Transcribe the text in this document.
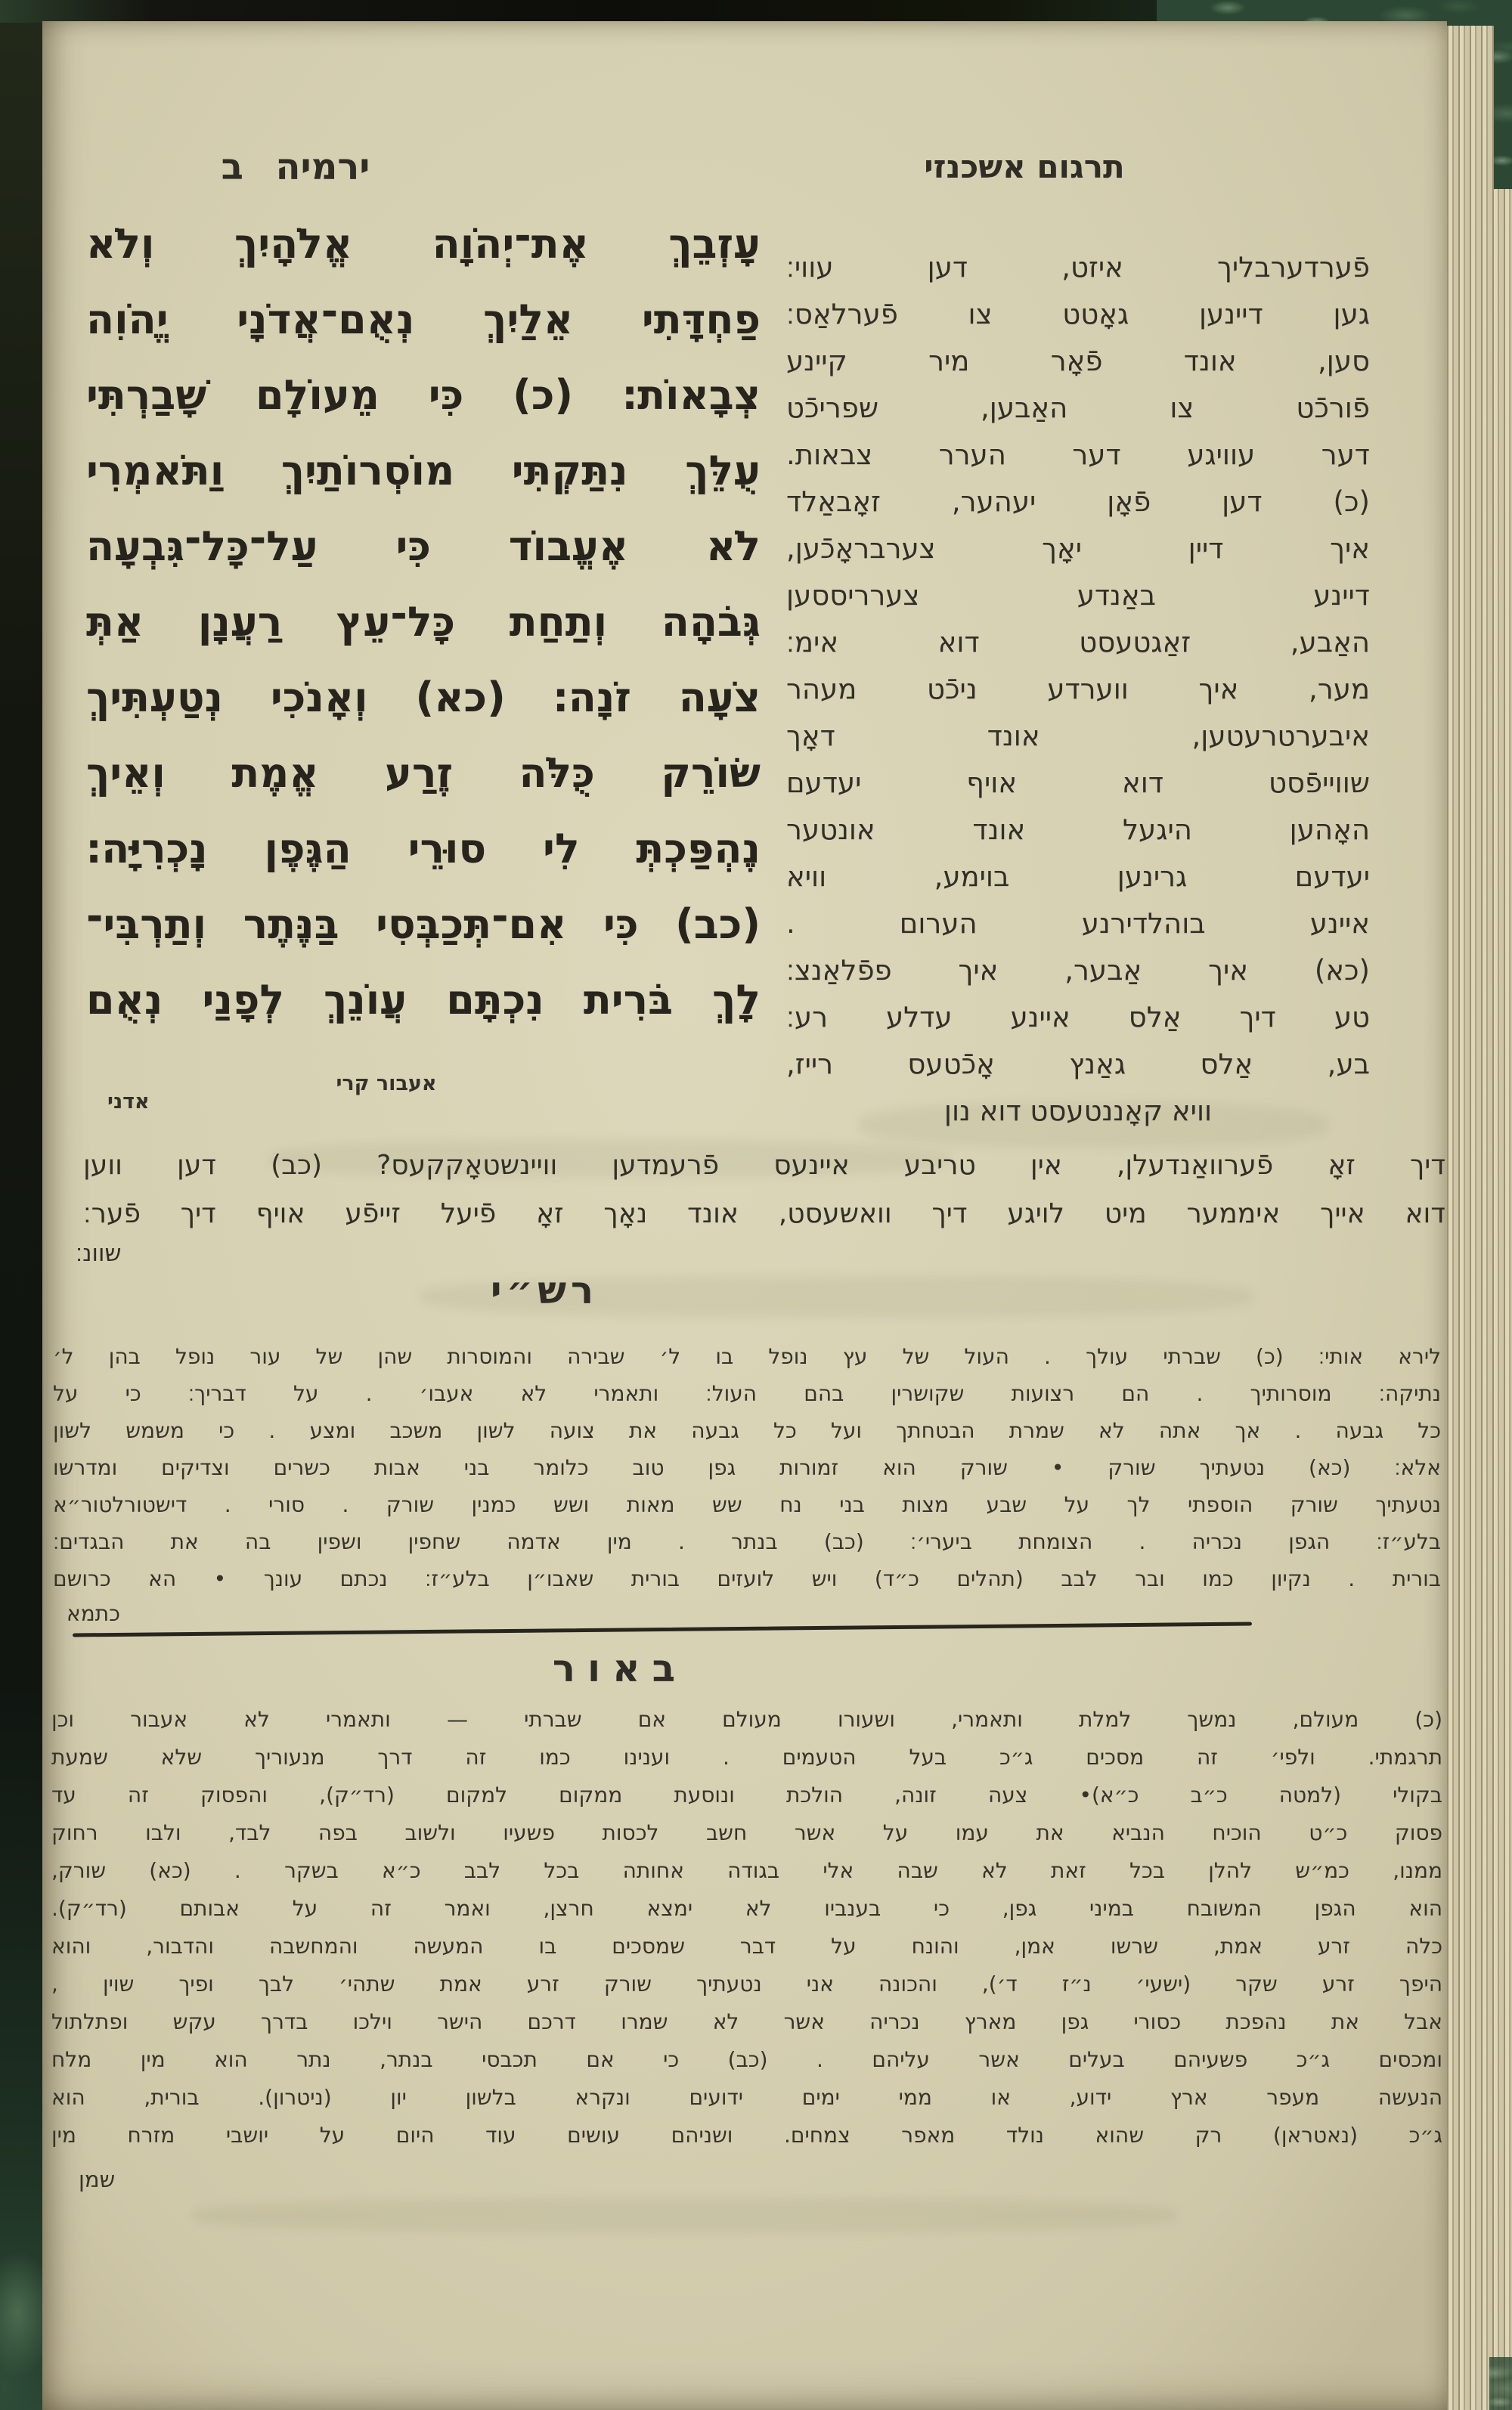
ירמיה ב
עָזְבֵךְ אֶת־יְהֹוָה אֱלֹהָיִךְ וְלֹא
פַחְדָּתִי אֵלַיִךְ נְאֻם־אֲדֹנָי יֱהֹוִה
צְבָאוֹת׃ (כ) כִּי מֵעוֹלָם שָׁבַרְתִּי
עֻלֵּךְ נִתַּקְתִּי מוֹסְרוֹתַיִךְ וַתֹּאמְרִי
לֹא אֶעֱבוֹד כִּי עַל־כָּל־גִּבְעָה
גְּבֹהָה וְתַחַת כָּל־עֵץ רַעֲנָן אַתְּ
צֹעָה זֹנָה׃ (כא) וְאָנֹכִי נְטַעְתִּיךְ
שׂוֹרֵק כֻּלֹּה זֶרַע אֱמֶת וְאֵיךְ
נֶהְפַּכְתְּ לִי סוּרֵי הַגֶּפֶן נָכְרִיָּה׃
(כב) כִּי אִם־תְּכַבְּסִי בַּנֶּתֶר וְתַרְבִּי־
לָךְ בֹּרִית נִכְתָּם עֲוֹנֵךְ לְפָנַי נְאֻם
אעבור קרי
אדני
תרגום אשכנזי
פֿערדערבליך איזט, דען עווי׃
גען דיינען גאָטט צו פֿערלאַס׃
סען, אונד פֿאָר מיר קיינע
פֿורכֿט צו האַבען, שפריכֿט
דער עוויגע דער הערר צבאות.
(כ) דען פֿאָן יעהער, זאָבאַלד
איך דיין יאָך צערבראָכֿען,
דיינע באַנדע צערריססען
האַבע, זאַגטעסט דוא אימ׃
מער, איך ווערדע ניכֿט מעהר
איבערטרעטען, אונד דאָך
שווייפֿסט דוא אויף יעדעם
האָהען היגעל אונד אונטער
יעדעם גרינען בוימע, וויא
איינע בוהלדירנע הערום .
(כא) איך אַבער, איך פפֿלאַנצ׃
טע דיך אַלס איינע עדלע רע׃
בע, אַלס גאַנץ אָכֿטעס רייז,
וויא קאָננטעסט דוא נון
דיך זאָ פֿערוואַנדעלן, אין טריבע איינעס פֿרעמדען וויינשטאָקקעס? (כב) דען ווען
דוא אייך איממער מיט לויגע דיך וואשעסט, אונד נאָך זאָ פֿיעל זייפֿע אויף דיך פֿער׃
שוונ׃
רש״י
לירא אותי׃ (כ) שברתי עולך . העול של עץ נופל בו ל׳ שבירה והמוסרות שהן של עור נופל בהן ל׳
נתיקה׃ מוסרותיך . הם רצועות שקושרין בהם העול׃ ותאמרי לא אעבו׳ . על דבריך׃ כי על
כל גבעה . אך אתה לא שמרת הבטחתך ועל כל גבעה את צועה לשון משכב ומצע . כי משמש לשון
אלא׃ (כא) נטעתיך שורק • שורק הוא זמורות גפן טוב כלומר בני אבות כשרים וצדיקים ומדרשו
נטעתיך שורק הוספתי לך על שבע מצות בני נח שש מאות ושש כמנין שורק . סורי . דישטורלטור״א
בלע״ז׃ הגפן נכריה . הצומחת ביערי׳׃ (כב) בנתר . מין אדמה שחפין ושפין בה את הבגדים׃
בורית . נקיון כמו ובר לבב (תהלים כ״ד) ויש לועזים בורית שאבו״ן בלע״ז׃ נכתם עונך • הא כרושם
כתמא
באור
(כ) מעולם, נמשך למלת ותאמרי, ושעורו מעולם אם שברתי — ותאמרי לא אעבור וכן
תרגמתי. ולפי׳ זה מסכים ג״כ בעל הטעמים . וענינו כמו זה דרך מנעוריך שלא שמעת
בקולי (למטה כ״ב כ״א)• צעה זונה, הולכת ונוסעת ממקום למקום (רד״ק), והפסוק זה עד
פסוק כ״ט הוכיח הנביא את עמו על אשר חשב לכסות פשעיו ולשוב בפה לבד, ולבו רחוק
ממנו, כמ״ש להלן בכל זאת לא שבה אלי בגודה אחותה בכל לבב כ״א בשקר . (כא) שורק,
הוא הגפן המשובח במיני גפן, כי בענביו לא ימצא חרצן, ואמר זה על אבותם (רד״ק).
כלה זרע אמת, שרשו אמן, והונח על דבר שמסכים בו המעשה והמחשבה והדבור, והוא
היפך זרע שקר (ישעי׳ נ״ז ד׳), והכונה אני נטעתיך שורק זרע אמת שתהי׳ לבך ופיך שוין ,
אבל את נהפכת כסורי גפן מארץ נכריה אשר לא שמרו דרכם הישר וילכו בדרך עקש ופתלתול
ומכסים ג״כ פשעיהם בעלים אשר עליהם . (כב) כי אם תכבסי בנתר, נתר הוא מין מלח
הנעשה מעפר ארץ ידוע, או ממי ימים ידועים ונקרא בלשון יון (ניטרון). בורית, הוא
ג״כ (נאטראן) רק שהוא נולד מאפר צמחים. ושניהם עושים עוד היום על יושבי מזרח מין
שמן
